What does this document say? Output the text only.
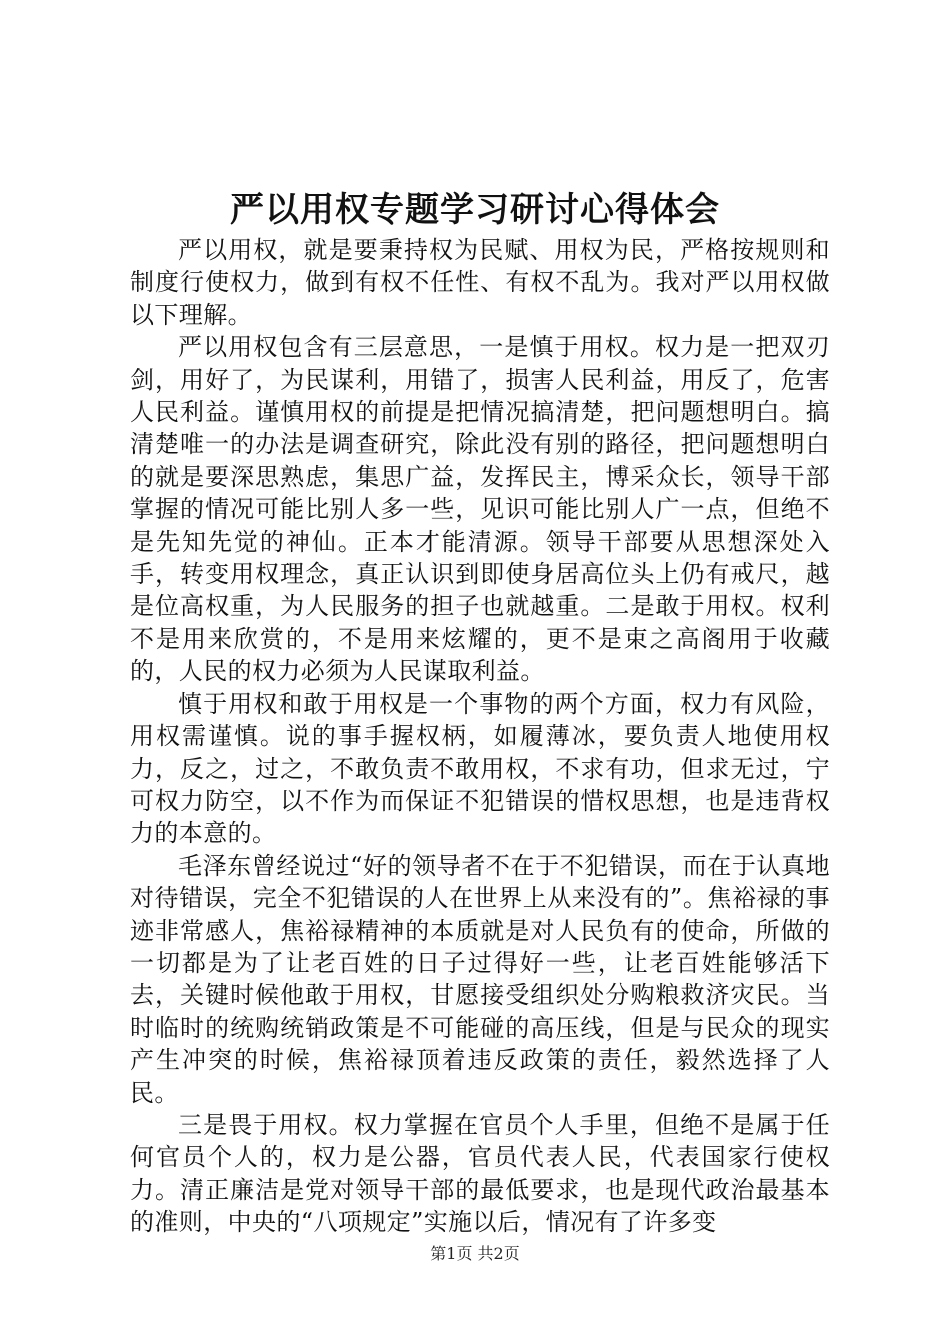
严以用权专题学习研讨心得体会

严以用权，就是要秉持权为民赋、用权为民，严格按规则和制度行使权力，做到有权不任性、有权不乱为。我对严以用权做以下理解。

严以用权包含有三层意思，一是慎于用权。权力是一把双刃剑，用好了，为民谋利，用错了，损害人民利益，用反了，危害人民利益。谨慎用权的前提是把情况搞清楚，把问题想明白。搞清楚唯一的办法是调查研究，除此没有别的路径，把问题想明白的就是要深思熟虑，集思广益，发挥民主，博采众长，领导干部掌握的情况可能比别人多一些，见识可能比别人广一点，但绝不是先知先觉的神仙。正本才能清源。领导干部要从思想深处入手，转变用权理念，真正认识到即使身居高位头上仍有戒尺，越是位高权重，为人民服务的担子也就越重。二是敢于用权。权利不是用来欣赏的，不是用来炫耀的，更不是束之高阁用于收藏的，人民的权力必须为人民谋取利益。

慎于用权和敢于用权是一个事物的两个方面，权力有风险，用权需谨慎。说的事手握权柄，如履薄冰，要负责人地使用权力，反之，过之，不敢负责不敢用权，不求有功，但求无过，宁可权力防空，以不作为而保证不犯错误的惜权思想，也是违背权力的本意的。

毛泽东曾经说过“好的领导者不在于不犯错误，而在于认真地对待错误，完全不犯错误的人在世界上从来没有的”。焦裕禄的事迹非常感人，焦裕禄精神的本质就是对人民负有的使命，所做的一切都是为了让老百姓的日子过得好一些，让老百姓能够活下去，关键时候他敢于用权，甘愿接受组织处分购粮救济灾民。当时临时的统购统销政策是不可能碰的高压线，但是与民众的现实产生冲突的时候，焦裕禄顶着违反政策的责任，毅然选择了人民。

三是畏于用权。权力掌握在官员个人手里，但绝不是属于任何官员个人的，权力是公器，官员代表人民，代表国家行使权力。清正廉洁是党对领导干部的最低要求，也是现代政治最基本的准则，中央的“八项规定”实施以后，情况有了许多变

第1页 共2页
